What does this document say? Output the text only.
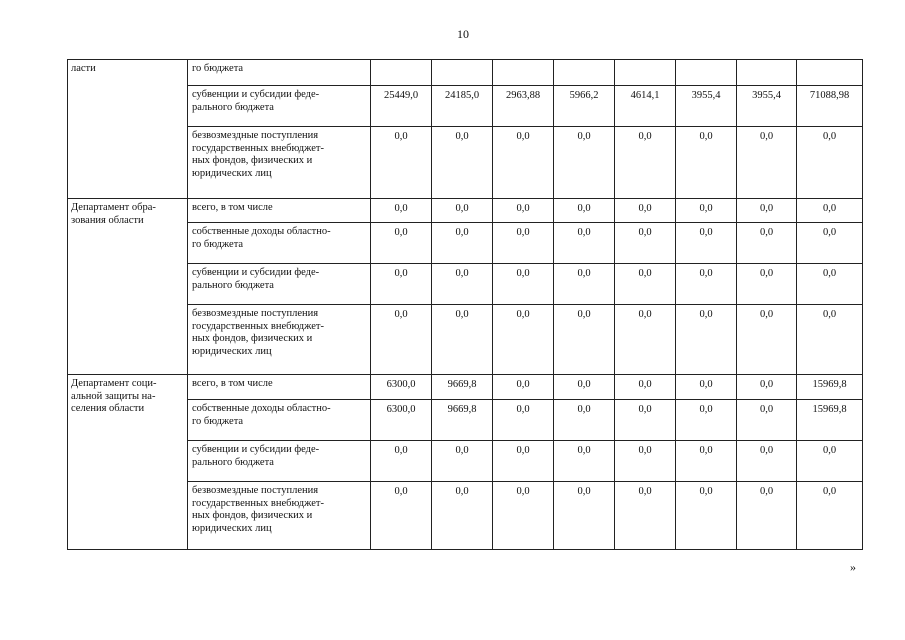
10
ласти	го бюджета								
	субвенции и субсидии феде-
рального бюджета	25449,0	24185,0	2963,88	5966,2	4614,1	3955,4	3955,4	71088,98
	безвозмездные поступления
государственных внебюджет-
ных фондов, физических и
юридических лиц	0,0	0,0	0,0	0,0	0,0	0,0	0,0	0,0
Департамент обра-
зования области	всего, в том числе	0,0	0,0	0,0	0,0	0,0	0,0	0,0	0,0
	собственные доходы областно-
го бюджета	0,0	0,0	0,0	0,0	0,0	0,0	0,0	0,0
	субвенции и субсидии феде-
рального бюджета	0,0	0,0	0,0	0,0	0,0	0,0	0,0	0,0
	безвозмездные поступления
государственных внебюджет-
ных фондов, физических и
юридических лиц	0,0	0,0	0,0	0,0	0,0	0,0	0,0	0,0
Департамент соци-
альной защиты на-
селения области	всего, в том числе	6300,0	9669,8	0,0	0,0	0,0	0,0	0,0	15969,8
	собственные доходы областно-
го бюджета	6300,0	9669,8	0,0	0,0	0,0	0,0	0,0	15969,8
	субвенции и субсидии феде-
рального бюджета	0,0	0,0	0,0	0,0	0,0	0,0	0,0	0,0
	безвозмездные поступления
государственных внебюджет-
ных фондов, физических и
юридических лиц	0,0	0,0	0,0	0,0	0,0	0,0	0,0	0,0
»
